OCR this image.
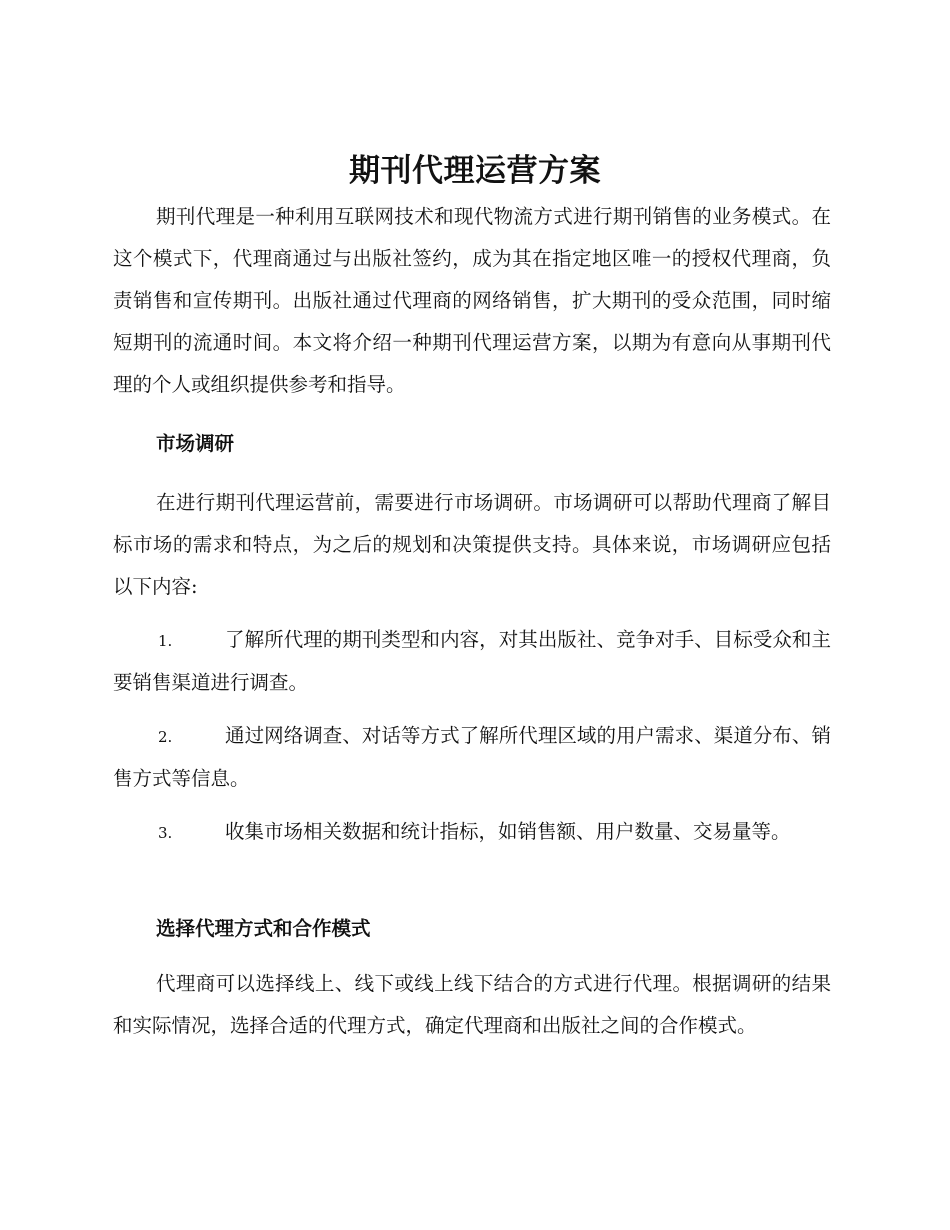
期刊代理运营方案

期刊代理是一种利用互联网技术和现代物流方式进行期刊销售的业务模式。在这个模式下，代理商通过与出版社签约，成为其在指定地区唯一的授权代理商，负责销售和宣传期刊。出版社通过代理商的网络销售，扩大期刊的受众范围，同时缩短期刊的流通时间。本文将介绍一种期刊代理运营方案，以期为有意向从事期刊代理的个人或组织提供参考和指导。

市场调研

在进行期刊代理运营前，需要进行市场调研。市场调研可以帮助代理商了解目标市场的需求和特点，为之后的规划和决策提供支持。具体来说，市场调研应包括以下内容:

1.	了解所代理的期刊类型和内容，对其出版社、竞争对手、目标受众和主要销售渠道进行调查。

2.	通过网络调查、对话等方式了解所代理区域的用户需求、渠道分布、销售方式等信息。

3.	收集市场相关数据和统计指标，如销售额、用户数量、交易量等。

选择代理方式和合作模式

代理商可以选择线上、线下或线上线下结合的方式进行代理。根据调研的结果和实际情况，选择合适的代理方式，确定代理商和出版社之间的合作模式。
